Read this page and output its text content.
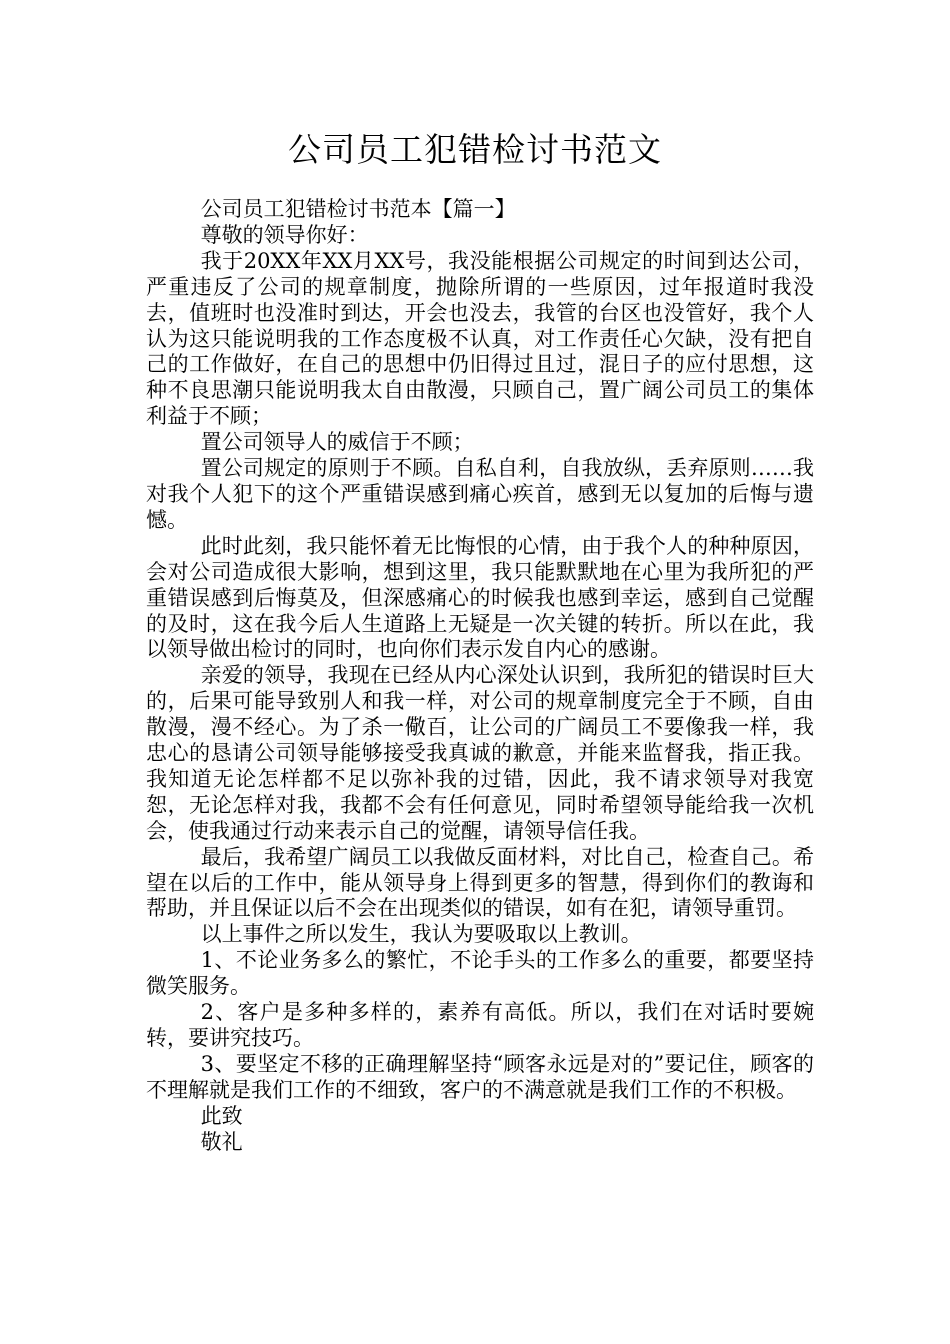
公司员工犯错检讨书范文

公司员工犯错检讨书范本【篇一】

尊敬的领导你好：

我于20XX年XX月XX号，我没能根据公司规定的时间到达公司，严重违反了公司的规章制度，抛除所谓的一些原因，过年报道时我没去，值班时也没准时到达，开会也没去，我管的台区也没管好，我个人认为这只能说明我的工作态度极不认真，对工作责任心欠缺，没有把自己的工作做好，在自己的思想中仍旧得过且过，混日子的应付思想，这种不良思潮只能说明我太自由散漫，只顾自己，置广阔公司员工的集体利益于不顾；

置公司领导人的威信于不顾；

置公司规定的原则于不顾。自私自利，自我放纵，丢弃原则……我对我个人犯下的这个严重错误感到痛心疾首，感到无以复加的后悔与遗憾。

此时此刻，我只能怀着无比悔恨的心情，由于我个人的种种原因，会对公司造成很大影响，想到这里，我只能默默地在心里为我所犯的严重错误感到后悔莫及，但深感痛心的时候我也感到幸运，感到自己觉醒的及时，这在我今后人生道路上无疑是一次关键的转折。所以在此，我以领导做出检讨的同时，也向你们表示发自内心的感谢。

亲爱的领导，我现在已经从内心深处认识到，我所犯的错误时巨大的，后果可能导致别人和我一样，对公司的规章制度完全于不顾，自由散漫，漫不经心。为了杀一儆百，让公司的广阔员工不要像我一样，我忠心的恳请公司领导能够接受我真诚的歉意，并能来监督我，指正我。我知道无论怎样都不足以弥补我的过错，因此，我不请求领导对我宽恕，无论怎样对我，我都不会有任何意见，同时希望领导能给我一次机会，使我通过行动来表示自己的觉醒，请领导信任我。

最后，我希望广阔员工以我做反面材料，对比自己，检查自己。希望在以后的工作中，能从领导身上得到更多的智慧，得到你们的教诲和帮助，并且保证以后不会在出现类似的错误，如有在犯，请领导重罚。

以上事件之所以发生，我认为要吸取以上教训。

1、不论业务多么的繁忙，不论手头的工作多么的重要，都要坚持微笑服务。

2、客户是多种多样的，素养有高低。所以，我们在对话时要婉转，要讲究技巧。

3、要坚定不移的正确理解坚持“顾客永远是对的”要记住，顾客的不理解就是我们工作的不细致，客户的不满意就是我们工作的不积极。

此致

敬礼
